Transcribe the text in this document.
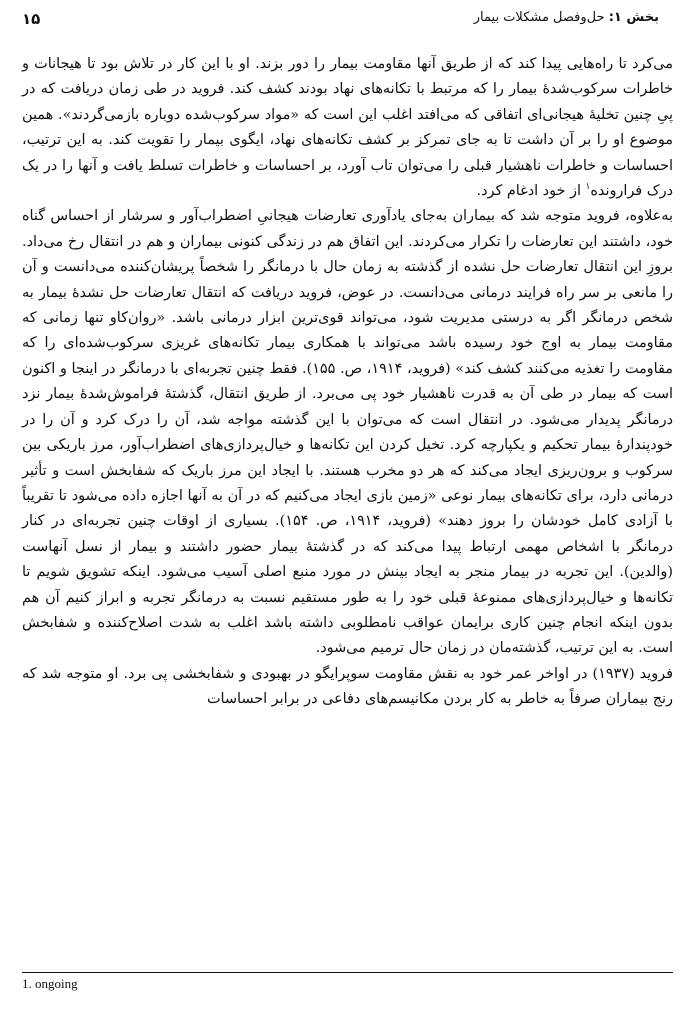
١۵	بخش ۱: حل‌وفصل مشکلات بیمار

می‌کرد تا راه‌هایی پیدا کند که از طریق آنها مقاومت بیمار را دور بزند. او با این کار در تلاش بود تا هیجانات و خاطرات سرکوب‌شدهٔ بیمار را که مرتبط با تکانه‌های نهاد بودند کشف کند. فروید در طی زمان دریافت که در پیِ چنین تخلیهٔ هیجانی‌ای اتفاقی که می‌افتد اغلب این است که «مواد سرکوب‌شده دوباره بازمی‌گردند». همین موضوع او را بر آن داشت تا به جای تمرکز بر کشف تکانه‌های نهاد، ایگوی بیمار را تقویت کند. به این ترتیب، احساسات و خاطرات ناهشیار قبلی را می‌توان تاب آورد، بر احساسات و خاطرات تسلط یافت و آنها را در یک درک فرارونده$^۱$ از خود ادغام کرد.

به‌علاوه، فروید متوجه شد که بیماران به‌جای یادآوری تعارضات هیجانیِ اضطراب‌آور و سرشار از احساس گناه خود، داشتند این تعارضات را تکرار می‌کردند. این اتفاق هم در زندگی کنونی بیماران و هم در انتقال رخ می‌داد. بروزِ این انتقال تعارضات حل نشده از گذشته به زمان حال با درمانگر را شخصاً پریشان‌کننده می‌دانست و آن را مانعی بر سر راه فرایند درمانی می‌دانست. در عوض، فروید دریافت که انتقال تعارضات حل نشدهٔ بیمار به شخص درمانگر اگر به درستی مدیریت شود، می‌تواند قوی‌ترین ابزار درمانی باشد. «روان‌کاو تنها زمانی که مقاومت بیمار به اوج خود رسیده باشد می‌تواند با همکاری بیمار تکانه‌های غریزی سرکوب‌شده‌ای را که مقاومت را تغذیه می‌کنند کشف کند» (فروید، ۱۹۱۴، ص. ۱۵۵). فقط چنین تجربه‌ای با درمانگر در اینجا و اکنون است که بیمار در طی آن به قدرت ناهشیار خود پی می‌برد. از طریق انتقال، گذشتهٔ فراموش‌شدهٔ بیمار نزد درمانگر پدیدار می‌شود. در انتقال است که می‌توان با این گذشته مواجه شد، آن را درک کرد و آن را در خودپندارهٔ بیمار تحکیم و یکپارچه کرد. تخیل کردن این تکانه‌ها و خیال‌پردازی‌های اضطراب‌آور، مرز باریکی بین سرکوب و برون‌ریزی ایجاد می‌کند که هر دو مخرب هستند. با ایجاد این مرز باریک که شفابخش است و تأثیر درمانی دارد، برای تکانه‌های بیمار نوعی «زمین بازی ایجاد می‌کنیم که در آن به آنها اجازه داده می‌شود تا تقریباً با آزادی کامل خودشان را بروز دهند» (فروید، ۱۹۱۴، ص. ۱۵۴). بسیاری از اوقات چنین تجربه‌ای در کنار درمانگر با اشخاص مهمی ارتباط پیدا می‌کند که در گذشتهٔ بیمار حضور داشتند و بیمار از نسل آنهاست (والدین). این تجربه در بیمار منجر به ایجاد بینش در مورد منبع اصلی آسیب می‌شود. اینکه تشویق شویم تا تکانه‌ها و خیال‌پردازی‌های ممنوعهٔ قبلی خود را به طور مستقیم نسبت به درمانگر تجربه و ابراز کنیم آن هم بدون اینکه انجام چنین کاری برایمان عواقب نامطلوبی داشته باشد اغلب به شدت اصلاح‌کننده و شفابخش است. به این ترتیب، گذشته‌مان در زمان حال ترمیم می‌شود.

فروید (۱۹۳۷) در اواخر عمر خود به نقش مقاومت سوپرایگو در بهبودی و شفابخشی پی برد. او متوجه شد که رنج بیماران صرفاً به خاطر به کار بردن مکانیسم‌های دفاعی در برابر احساسات

1. ongoing
